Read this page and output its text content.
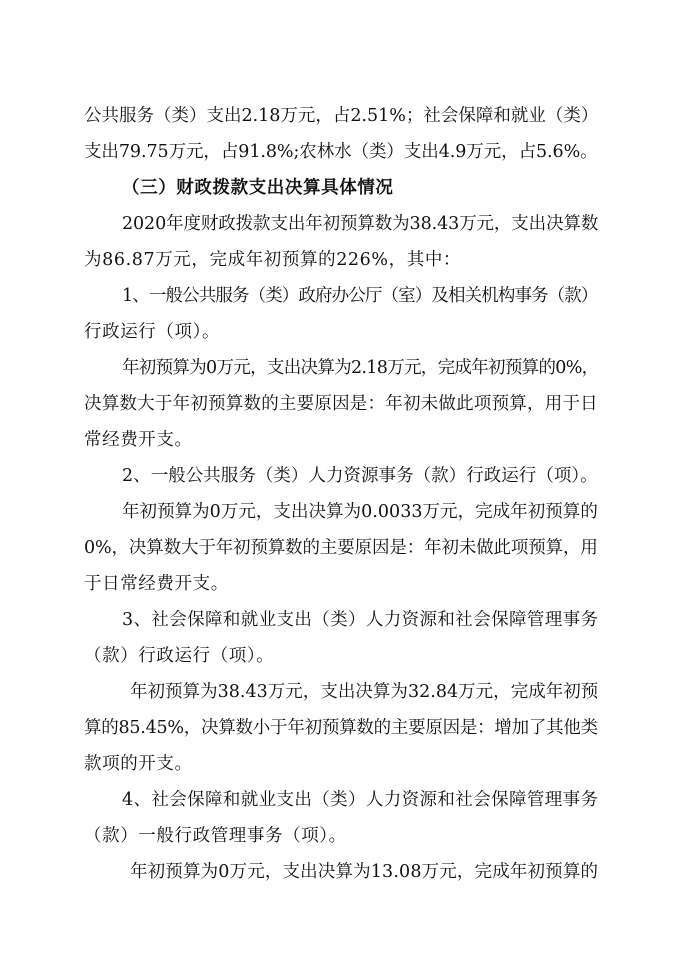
公共服务（类）支出2.18万元，占2.51%；社会保障和就业（类）

支出79.75万元，占91.8%;农林水（类）支出4.9万元，占5.6%。

（三）财政拨款支出决算具体情况

2020年度财政拨款支出年初预算数为38.43万元，支出决算数

为86.87万元，完成年初预算的226%，其中：

1、一般公共服务（类）政府办公厅（室）及相关机构事务（款）

行政运行（项）。

年初预算为0万元，支出决算为2.18万元，完成年初预算的0%，

决算数大于年初预算数的主要原因是：年初未做此项预算，用于日

常经费开支。

2、一般公共服务（类）人力资源事务（款）行政运行（项）。

年初预算为0万元，支出决算为0.0033万元，完成年初预算的

0%，决算数大于年初预算数的主要原因是：年初未做此项预算，用

于日常经费开支。

3、社会保障和就业支出（类）人力资源和社会保障管理事务

（款）行政运行（项）。

年初预算为38.43万元，支出决算为32.84万元，完成年初预

算的85.45%，决算数小于年初预算数的主要原因是：增加了其他类

款项的开支。

4、社会保障和就业支出（类）人力资源和社会保障管理事务

（款）一般行政管理事务（项）。

年初预算为0万元，支出决算为13.08万元，完成年初预算的
